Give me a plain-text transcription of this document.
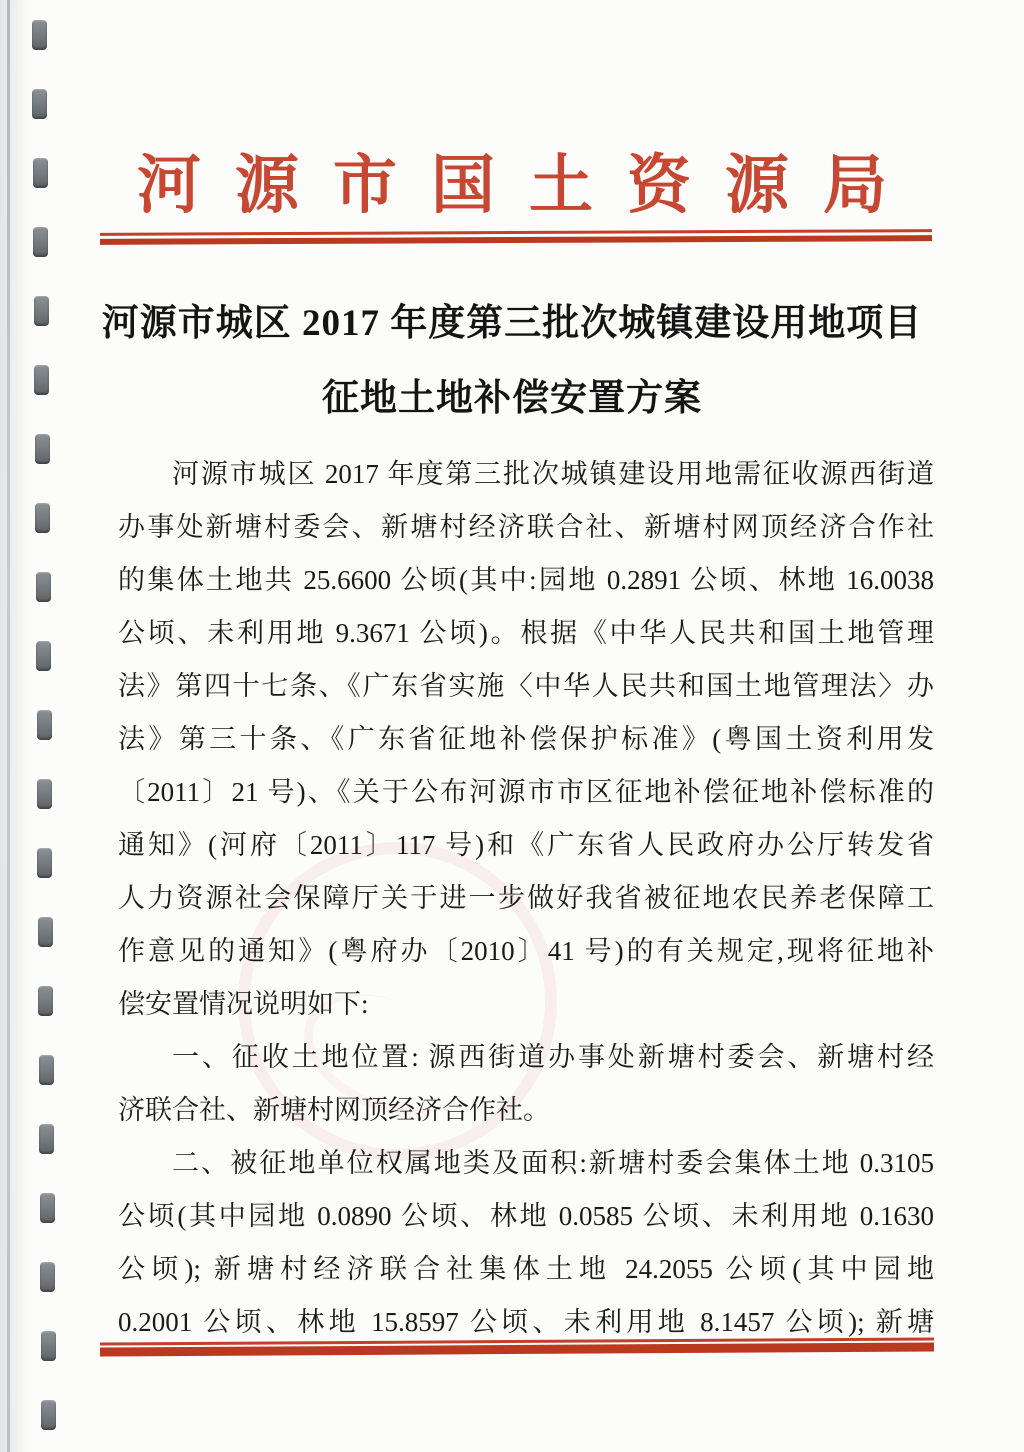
河源市国土资源局
河源市城区 2017 年度第三批次城镇建设用地项目
征地土地补偿安置方案
河源市城区 2017 年度第三批次城镇建设用地需征收源西街道
办事处新塘村委会、新塘村经济联合社、新塘村网顶经济合作社
的集体土地共 25.6600 公顷(其中:园地 0.2891 公顷、林地 16.0038
公顷、未利用地 9.3671 公顷)。根据《中华人民共和国土地管理
法》第四十七条、《广东省实施〈中华人民共和国土地管理法〉办
法》第三十条、《广东省征地补偿保护标准》(粤国土资利用发
〔2011〕21 号)、《关于公布河源市市区征地补偿征地补偿标准的
通知》(河府〔2011〕117 号)和《广东省人民政府办公厅转发省
人力资源社会保障厅关于进一步做好我省被征地农民养老保障工
作意见的通知》(粤府办〔2010〕41 号)的有关规定,现将征地补
偿安置情况说明如下:
一、征收土地位置: 源西街道办事处新塘村委会、新塘村经
济联合社、新塘村网顶经济合作社。
二、被征地单位权属地类及面积:新塘村委会集体土地 0.3105
公顷(其中园地 0.0890 公顷、林地 0.0585 公顷、未利用地 0.1630
公顷); 新塘村经济联合社集体土地 24.2055 公顷(其中园地
0.2001 公顷、林地 15.8597 公顷、未利用地 8.1457 公顷); 新塘
